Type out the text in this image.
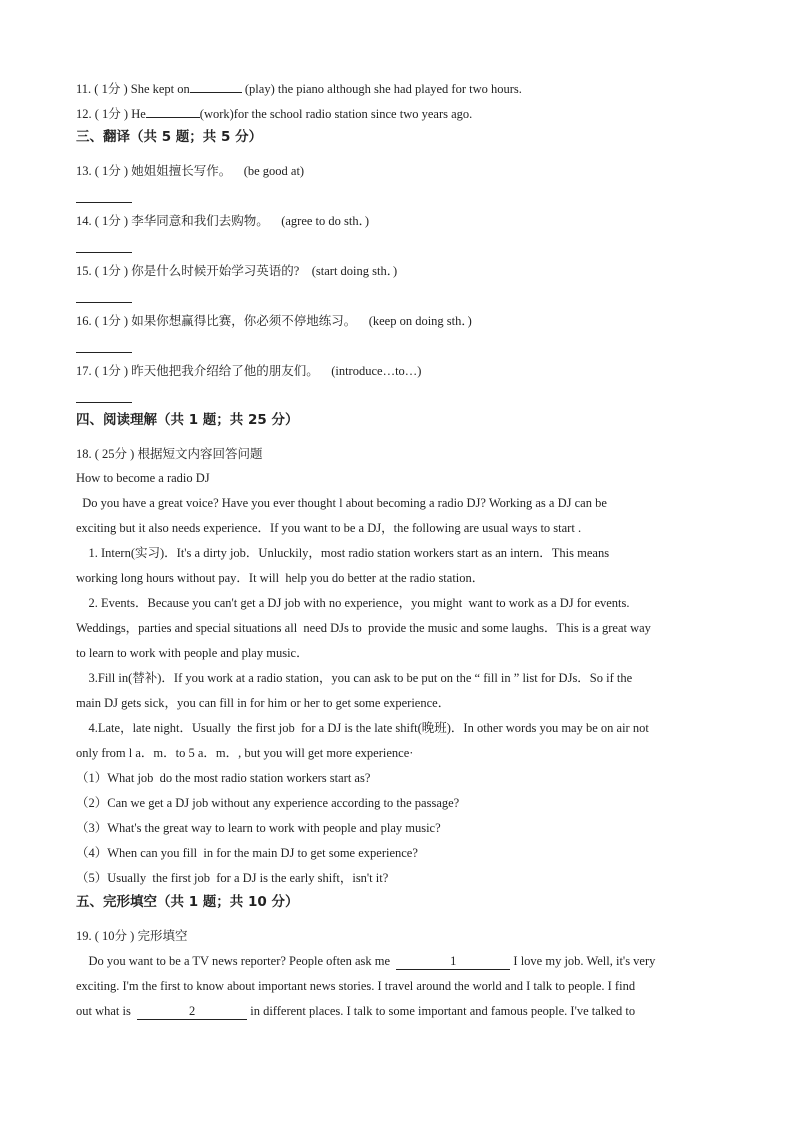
11. ( 1分 ) She kept on	(play) the piano although she had played for two hours.
12. ( 1分 ) He	(work)for the school radio station since two years ago.
三、翻译（共 5 题；共 5 分）
13. ( 1分 ) 她姐姐擅长写作。    (be good at)
14. ( 1分 ) 李华同意和我们去购物。    (agree to do sth．)
15. ( 1分 ) 你是什么时候开始学习英语的?    (start doing sth．)
16. ( 1分 ) 如果你想赢得比赛，你必须不停地练习。    (keep on doing sth．)
17. ( 1分 ) 昨天他把我介绍给了他的朋友们。    (introduce…to…)
四、阅读理解（共 1 题；共 25 分）
18. ( 25分 ) 根据短文内容回答问题
How to become a radio DJ
Do you have a great voice? Have you ever thought l about becoming a radio DJ? Working as a DJ can be
exciting but it also needs experience．If you want to be a DJ，the following are usual ways to start .
1. Intern(实习)．It's a dirty job．Unluckily，most radio station workers start as an intern．This means
working long hours without pay．It will  help you do better at the radio station．
2. Events．Because you can't get a DJ job with no experience，you might  want to work as a DJ for events.
Weddings，parties and special situations all  need DJs to  provide the music and some laughs．This is a great way
to learn to work with people and play music．
3.Fill in(替补)．If you work at a radio station，you can ask to be put on the “ fill in ” list for DJs．So if the
main DJ gets sick，you can fill in for him or her to get some experience．
4.Late，late night．Usually  the first job  for a DJ is the late shift(晚班)．In other words you may be on air not
only from l a．m．to 5 a．m．, but you will get more experience·
（1）What job  do the most radio station workers start as?
（2）Can we get a DJ job without any experience according to the passage?
（3）What's the great way to learn to work with people and play music?
（4）When can you fill  in for the main DJ to get some experience?
（5）Usually  the first job  for a DJ is the early shift，isn't it?
五、完形填空（共 1 题；共 10 分）
19. ( 10分 ) 完形填空
Do you want to be a TV news reporter? People often ask me	1	I love my job. Well, it's very
exciting. I'm the first to know about important news stories. I travel around the world and I talk to people. I find
out what is	2	in different places. I talk to some important and famous people. I've talked to
